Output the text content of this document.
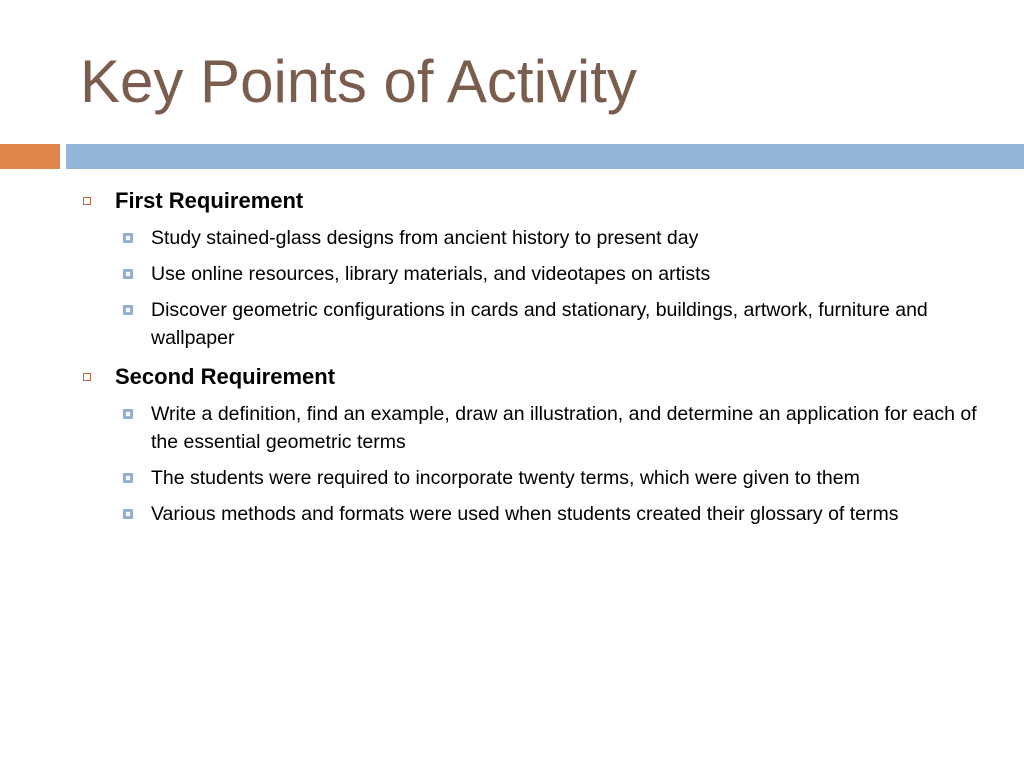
Key Points of Activity
First Requirement
Study stained-glass designs from ancient history to present day
Use online resources, library materials, and videotapes on artists
Discover geometric configurations in cards and stationary, buildings, artwork, furniture and wallpaper
Second Requirement
Write a definition, find an example, draw an illustration, and determine an application for each of the essential geometric terms
The students were required to incorporate twenty terms, which were given to them
Various methods and formats were used when students created their glossary of terms
